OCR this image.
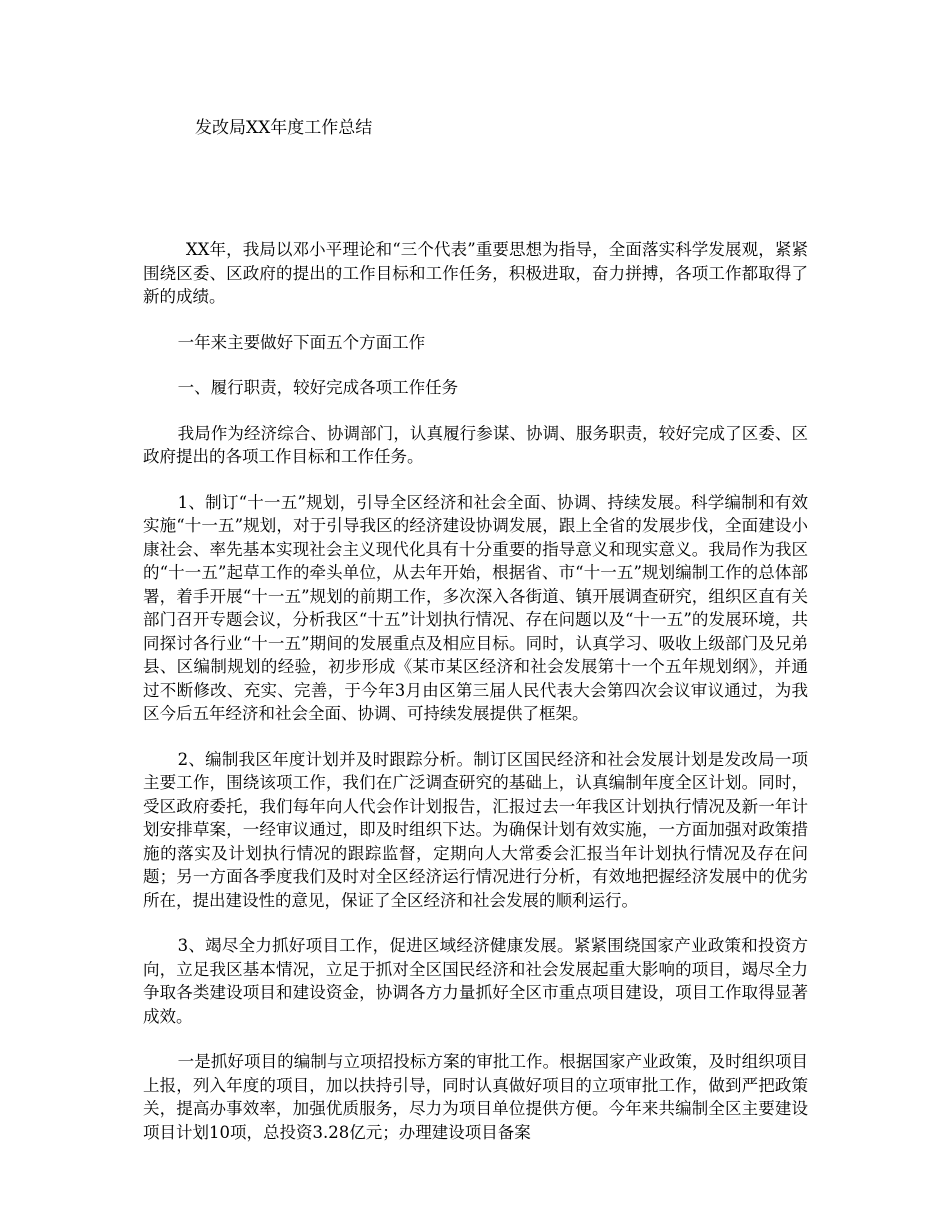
发改局XX年度工作总结

XX年，我局以邓小平理论和“三个代表”重要思想为指导，全面落实科学发展观，紧紧围绕区委、区政府的提出的工作目标和工作任务，积极进取，奋力拼搏，各项工作都取得了新的成绩。

一年来主要做好下面五个方面工作

一、履行职责，较好完成各项工作任务

我局作为经济综合、协调部门，认真履行参谋、协调、服务职责，较好完成了区委、区政府提出的各项工作目标和工作任务。

1、制订“十一五”规划，引导全区经济和社会全面、协调、持续发展。科学编制和有效实施“十一五”规划，对于引导我区的经济建设协调发展，跟上全省的发展步伐，全面建设小康社会、率先基本实现社会主义现代化具有十分重要的指导意义和现实意义。我局作为我区的“十一五”起草工作的牵头单位，从去年开始，根据省、市“十一五”规划编制工作的总体部署，着手开展“十一五”规划的前期工作，多次深入各街道、镇开展调查研究，组织区直有关部门召开专题会议，分析我区“十五”计划执行情况、存在问题以及“十一五”的发展环境，共同探讨各行业“十一五”期间的发展重点及相应目标。同时，认真学习、吸收上级部门及兄弟县、区编制规划的经验，初步形成《某市某区经济和社会发展第十一个五年规划纲》，并通过不断修改、充实、完善，于今年3月由区第三届人民代表大会第四次会议审议通过，为我区今后五年经济和社会全面、协调、可持续发展提供了框架。

2、编制我区年度计划并及时跟踪分析。制订区国民经济和社会发展计划是发改局一项主要工作，围绕该项工作，我们在广泛调查研究的基础上，认真编制年度全区计划。同时，受区政府委托，我们每年向人代会作计划报告，汇报过去一年我区计划执行情况及新一年计划安排草案，一经审议通过，即及时组织下达。为确保计划有效实施，一方面加强对政策措施的落实及计划执行情况的跟踪监督，定期向人大常委会汇报当年计划执行情况及存在问题；另一方面各季度我们及时对全区经济运行情况进行分析，有效地把握经济发展中的优劣所在，提出建设性的意见，保证了全区经济和社会发展的顺利运行。

3、竭尽全力抓好项目工作，促进区域经济健康发展。紧紧围绕国家产业政策和投资方向，立足我区基本情况，立足于抓对全区国民经济和社会发展起重大影响的项目，竭尽全力争取各类建设项目和建设资金，协调各方力量抓好全区市重点项目建设，项目工作取得显著成效。

一是抓好项目的编制与立项招投标方案的审批工作。根据国家产业政策，及时组织项目上报，列入年度的项目，加以扶持引导，同时认真做好项目的立项审批工作，做到严把政策关，提高办事效率，加强优质服务，尽力为项目单位提供方便。今年来共编制全区主要建设项目计划10项，总投资3.28亿元；办理建设项目备案
